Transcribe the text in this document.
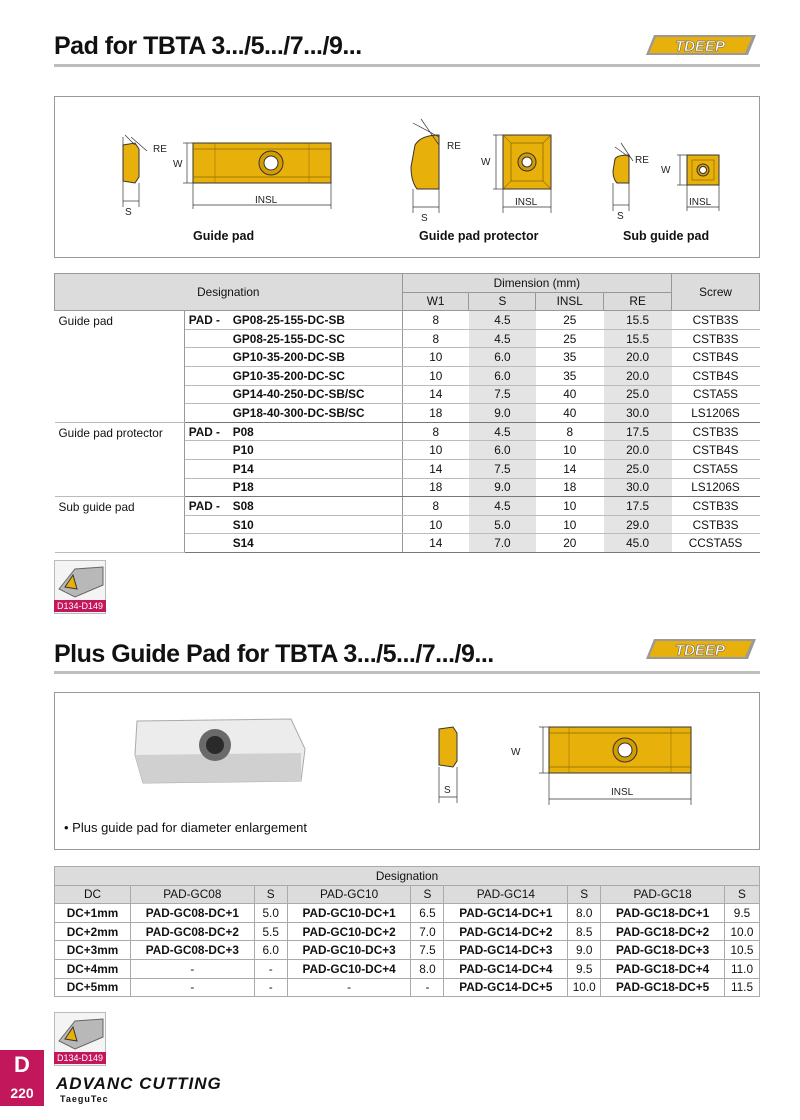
Pad for TBTA 3.../5.../7.../9...	TDEEP
RE
S
W
INSL
RE
S
W
INSL
RE
S
W
INSL
Guide pad	Guide pad protector	Sub guide pad
Designation		Dimension (mm)				Screw
		W1	S	INSL	RE	
Guide pad	PAD - GP08-25-155-DC-SB	8	4.5	25	15.5	CSTB3S
	GP08-25-155-DC-SC	8	4.5	25	15.5	CSTB3S
	GP10-35-200-DC-SB	10	6.0	35	20.0	CSTB4S
	GP10-35-200-DC-SC	10	6.0	35	20.0	CSTB4S
	GP14-40-250-DC-SB/SC	14	7.5	40	25.0	CSTA5S
	GP18-40-300-DC-SB/SC	18	9.0	40	30.0	LS1206S
Guide pad protector	PAD - P08	8	4.5	8	17.5	CSTB3S
	P10	10	6.0	10	20.0	CSTB4S
	P14	14	7.5	14	25.0	CSTA5S
	P18	18	9.0	18	30.0	LS1206S
Sub guide pad	PAD - S08	8	4.5	10	17.5	CSTB3S
	S10	10	5.0	10	29.0	CSTB3S
	S14	14	7.0	20	45.0	CCSTA5S
D134-D149
Plus Guide Pad for TBTA 3.../5.../7.../9...	TDEEP
S
W
INSL
• Plus guide pad for diameter enlargement
Designation								
DC	PAD-GC08	S	PAD-GC10	S	PAD-GC14	S	PAD-GC18	S
DC+1mm	PAD-GC08-DC+1	5.0	PAD-GC10-DC+1	6.5	PAD-GC14-DC+1	8.0	PAD-GC18-DC+1	9.5
DC+2mm	PAD-GC08-DC+2	5.5	PAD-GC10-DC+2	7.0	PAD-GC14-DC+2	8.5	PAD-GC18-DC+2	10.0
DC+3mm	PAD-GC08-DC+3	6.0	PAD-GC10-DC+3	7.5	PAD-GC14-DC+3	9.0	PAD-GC18-DC+3	10.5
DC+4mm	-	-	PAD-GC10-DC+4	8.0	PAD-GC14-DC+4	9.5	PAD-GC18-DC+4	11.0
DC+5mm	-	-	-	-	PAD-GC14-DC+5	10.0	PAD-GC18-DC+5	11.5
D134-D149
D
220	ADVANC CUTTING
TaeguTec
